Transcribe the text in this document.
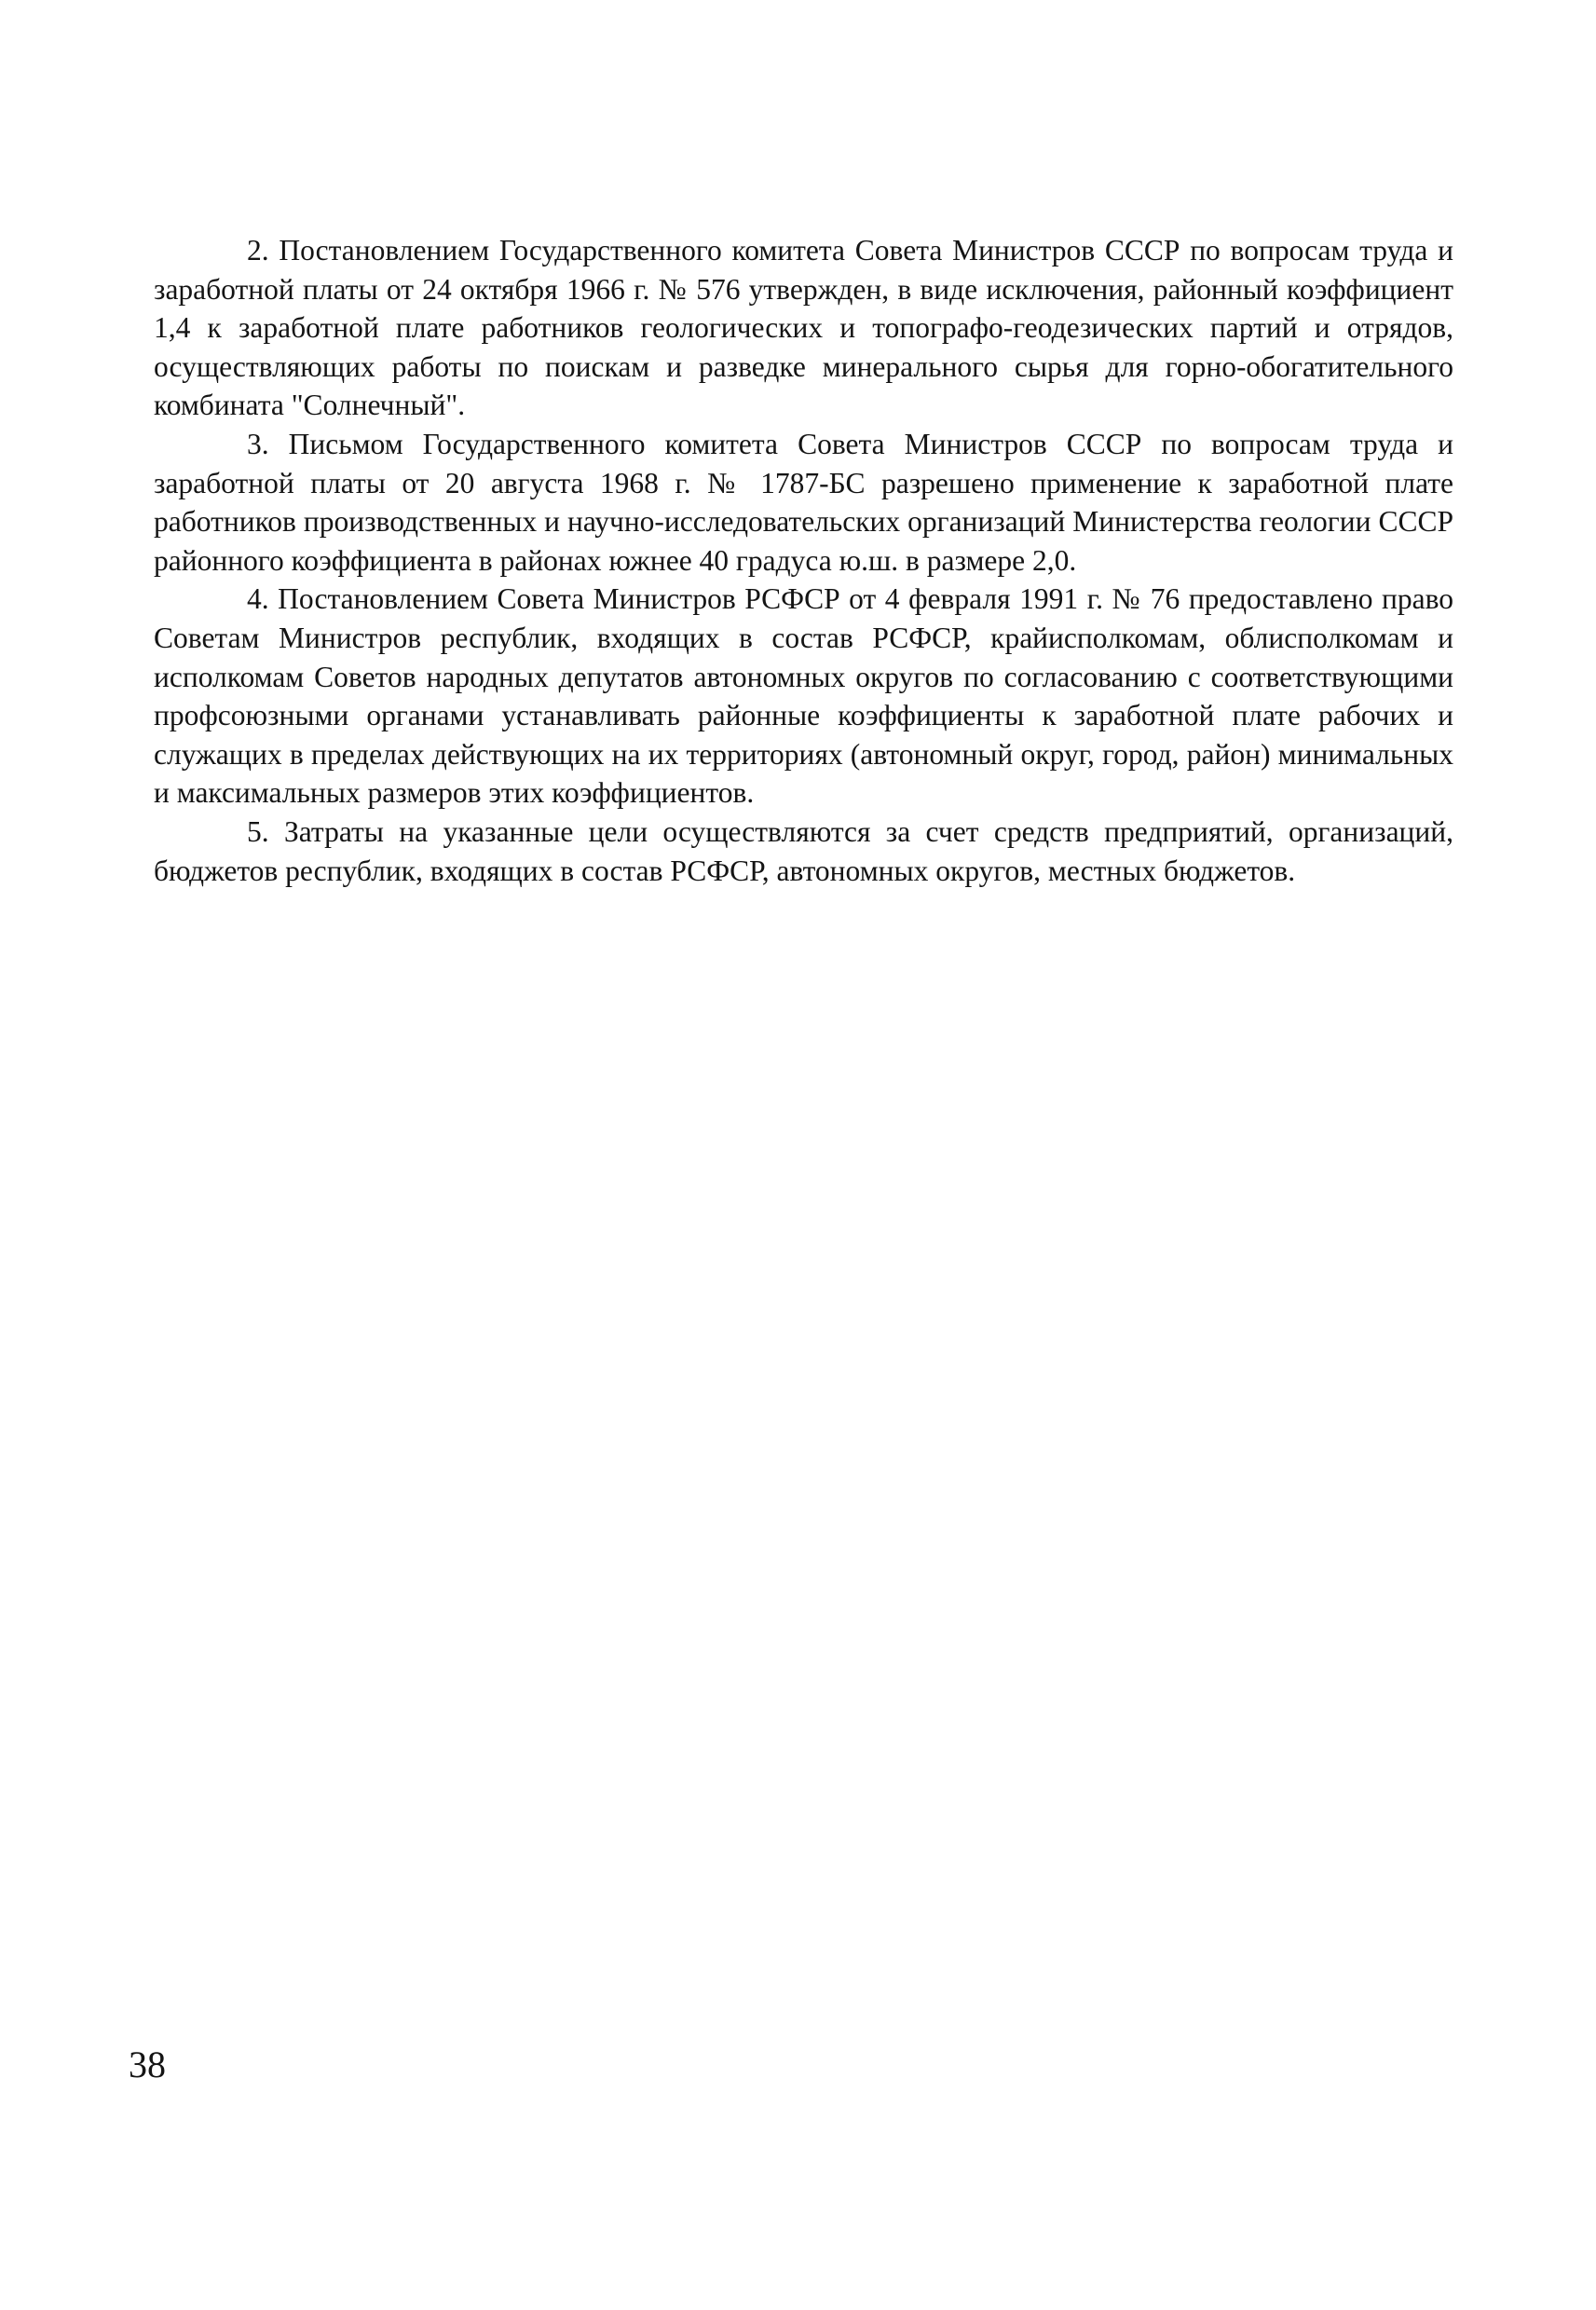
2. Постановлением Государственного комитета Совета Министров СССР по вопросам труда и заработной платы от 24 октября 1966 г. № 576 утвержден, в виде исключения, районный коэффициент 1,4 к заработной плате работников геологических и топографо-геодезических партий и отрядов, осуществляющих работы по поискам и разведке минерального сырья для горно-обогатительного комбината "Солнечный".

3. Письмом Государственного комитета Совета Министров СССР по вопросам труда и заработной платы от 20 августа 1968 г. № 1787-БС разрешено применение к заработной плате работников производственных и научно-исследовательских организаций Министерства геологии СССР районного коэффициента в районах южнее 40 градуса ю.ш. в размере 2,0.

4. Постановлением Совета Министров РСФСР от 4 февраля 1991 г. № 76 предоставлено право Советам Министров республик, входящих в состав РСФСР, крайисполкомам, облисполкомам и исполкомам Советов народных депутатов автономных округов по согласованию с соответствующими профсоюзными органами устанавливать районные коэффициенты к заработной плате рабочих и служащих в пределах действующих на их территориях (автономный округ, город, район) минимальных и максимальных размеров этих коэффициентов.

5. Затраты на указанные цели осуществляются за счет средств предприятий, организаций, бюджетов республик, входящих в состав РСФСР, автономных округов, местных бюджетов.

38
